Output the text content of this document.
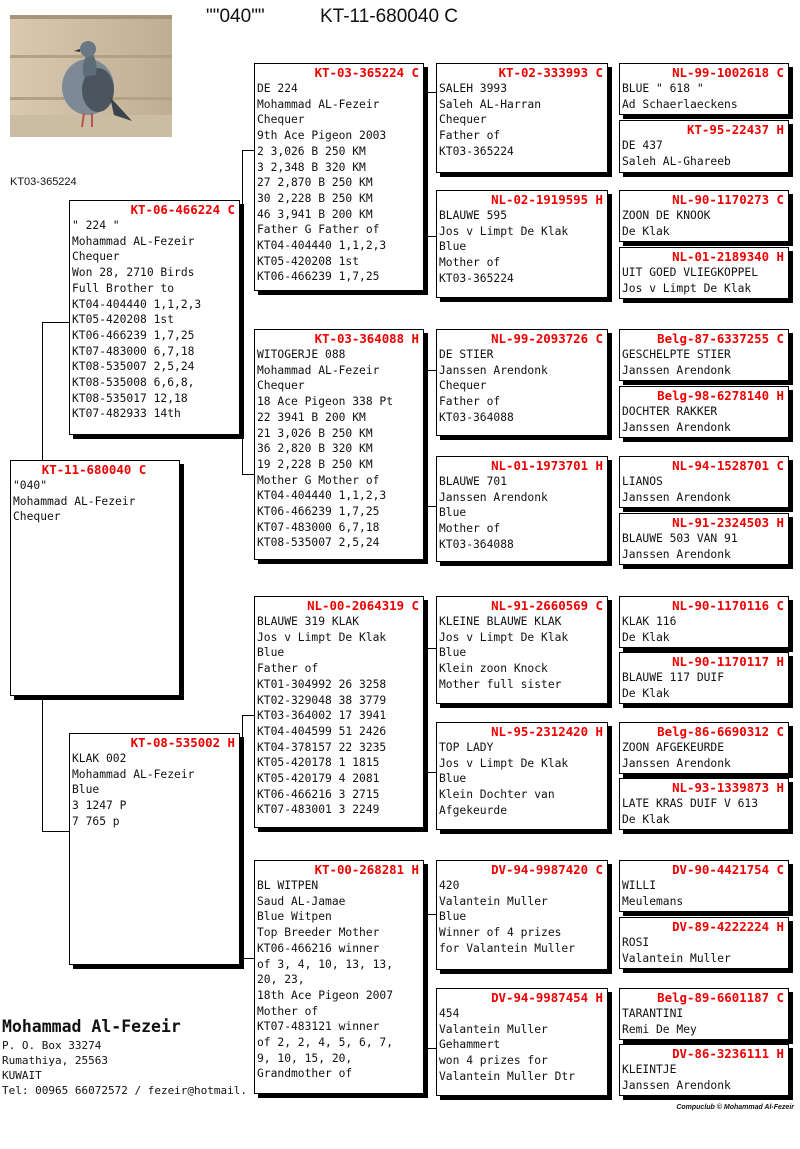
""040""	KT-11-680040 C
KT03-365224
KT-11-680040 C
"040"
Mohammad AL-Fezeir
Chequer
KT-06-466224 C
" 224 "
Mohammad AL-Fezeir
Chequer
Won 28, 2710 Birds
Full Brother to
KT04-404440 1,1,2,3
KT05-420208 1st
KT06-466239 1,7,25
KT07-483000 6,7,18
KT08-535007 2,5,24
KT08-535008 6,6,8,
KT08-535017 12,18
KT07-482933 14th
KT-08-535002 H
KLAK 002
Mohammad AL-Fezeir
Blue
3 1247 P
7 765 p
KT-03-365224 C
DE 224
Mohammad AL-Fezeir
Chequer
9th Ace Pigeon 2003
2 3,026 B 250 KM
3 2,348 B 320 KM
27 2,870 B 250 KM
30 2,228 B 250 KM
46 3,941 B 200 KM
Father G Father of
KT04-404440 1,1,2,3
KT05-420208 1st
KT06-466239 1,7,25
KT-03-364088 H
WITOGERJE 088
Mohammad AL-Fezeir
Chequer
18 Ace Pigeon 338 Pt
22 3941 B 200 KM
21 3,026 B 250 KM
36 2,820 B 320 KM
19 2,228 B 250 KM
Mother G Mother of
KT04-404440 1,1,2,3
KT06-466239 1,7,25
KT07-483000 6,7,18
KT08-535007 2,5,24
NL-00-2064319 C
BLAUWE 319 KLAK
Jos v Limpt De Klak
Blue
Father of
KT01-304992 26 3258
KT02-329048 38 3779
KT03-364002 17 3941
KT04-404599 51 2426
KT04-378157 22 3235
KT05-420178 1 1815
KT05-420179 4 2081
KT06-466216 3 2715
KT07-483001 3 2249
KT-00-268281 H
BL WITPEN
Saud AL-Jamae
Blue Witpen
Top Breeder Mother
KT06-466216 winner
of 3, 4, 10, 13, 13,
20, 23,
18th Ace Pigeon 2007
Mother of
KT07-483121 winner
of 2, 2, 4, 5, 6, 7,
9, 10, 15, 20,
Grandmother of
KT-02-333993 C
SALEH 3993
Saleh AL-Harran
Chequer
Father of
KT03-365224
NL-02-1919595 H
BLAUWE 595
Jos v Limpt De Klak
Blue
Mother of
KT03-365224
NL-99-2093726 C
DE STIER
Janssen Arendonk
Chequer
Father of
KT03-364088
NL-01-1973701 H
BLAUWE 701
Janssen Arendonk
Blue
Mother of
KT03-364088
NL-91-2660569 C
KLEINE BLAUWE KLAK
Jos v Limpt De Klak
Blue
Klein zoon Knock
Mother full sister
NL-95-2312420 H
TOP LADY
Jos v Limpt De Klak
Blue
Klein Dochter van
Afgekeurde
DV-94-9987420 C
420
Valantein Muller
Blue
Winner of 4 prizes
for Valantein Muller
DV-94-9987454 H
454
Valantein Muller
Gehammert
won 4 prizes for
Valantein Muller Dtr
NL-99-1002618 C
BLUE " 618 "
Ad Schaerlaeckens
KT-95-22437 H
DE 437
Saleh AL-Ghareeb
NL-90-1170273 C
ZOON DE KNOOK
De Klak
NL-01-2189340 H
UIT GOED VLIEGKOPPEL
Jos v Limpt De Klak
Belg-87-6337255 C
GESCHELPTE STIER
Janssen Arendonk
Belg-98-6278140 H
DOCHTER RAKKER
Janssen Arendonk
NL-94-1528701 C
LIANOS
Janssen Arendonk
NL-91-2324503 H
BLAUWE 503 VAN 91
Janssen Arendonk
NL-90-1170116 C
KLAK 116
De Klak
NL-90-1170117 H
BLAUWE 117 DUIF
De Klak
Belg-86-6690312 C
ZOON AFGEKEURDE
Janssen Arendonk
NL-93-1339873 H
LATE KRAS DUIF V 613
De Klak
DV-90-4421754 C
WILLI
Meulemans
DV-89-4222224 H
ROSI
Valantein Muller
Belg-89-6601187 C
TARANTINI
Remi De Mey
DV-86-3236111 H
KLEINTJE
Janssen Arendonk
Mohammad Al-Fezeir
P. O. Box 33274
Rumathiya, 25563
KUWAIT
Tel: 00965 66072572 / fezeir@hotmail.
Compuclub © Mohammad Al-Fezeir
